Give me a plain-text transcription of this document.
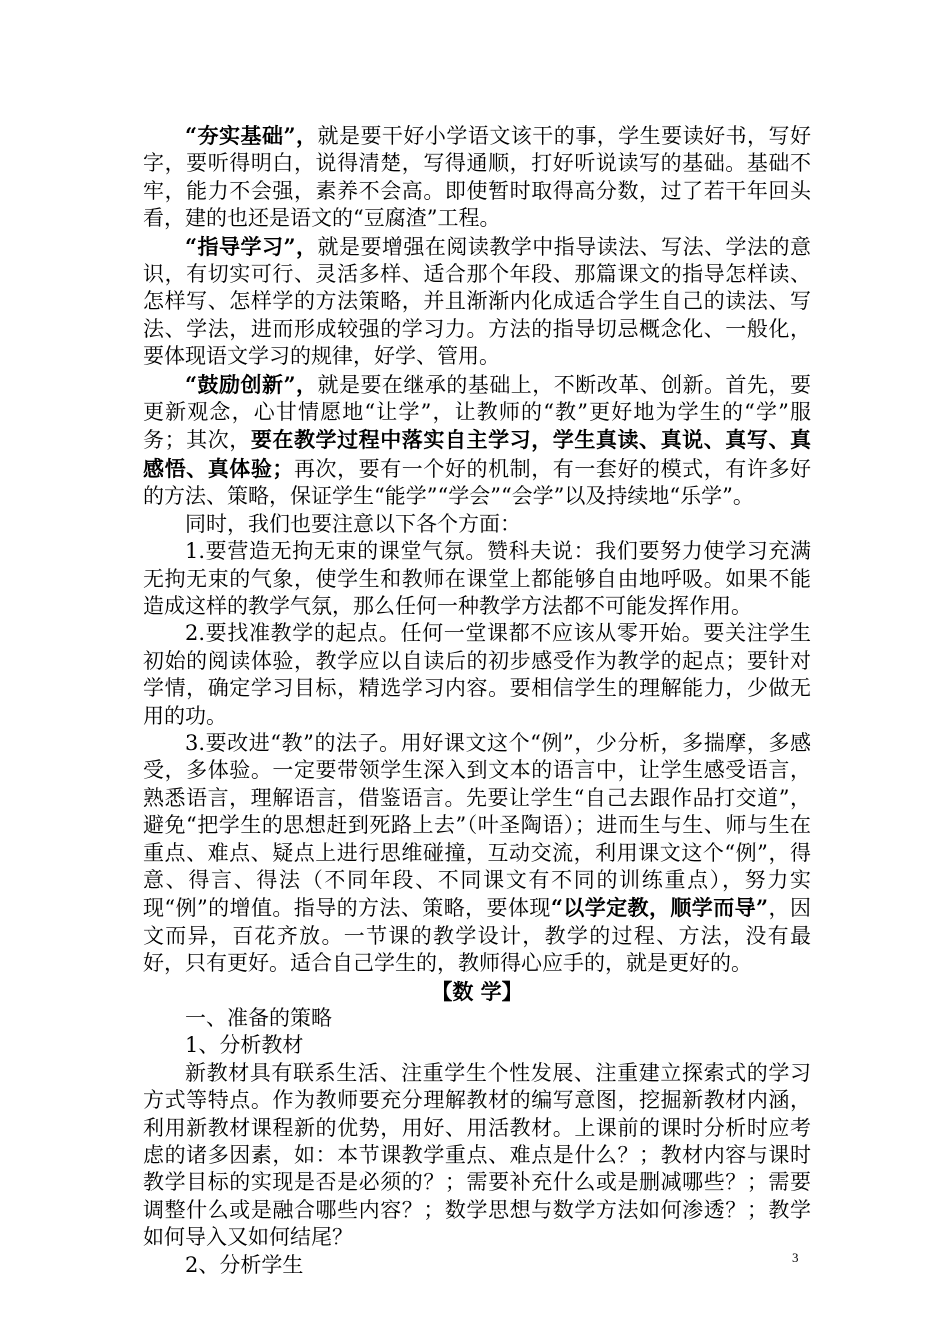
“夯实基础”，就是要干好小学语文该干的事，学生要读好书，写好字，要听得明白，说得清楚，写得通顺，打好听说读写的基础。基础不牢，能力不会强，素养不会高。即使暂时取得高分数，过了若干年回头看，建的也还是语文的“豆腐渣”工程。

“指导学习”，就是要增强在阅读教学中指导读法、写法、学法的意识，有切实可行、灵活多样、适合那个年段、那篇课文的指导怎样读、怎样写、怎样学的方法策略，并且渐渐内化成适合学生自己的读法、写法、学法，进而形成较强的学习力。方法的指导切忌概念化、一般化，要体现语文学习的规律，好学、管用。

“鼓励创新”，就是要在继承的基础上，不断改革、创新。首先，要更新观念，心甘情愿地“让学”，让教师的“教”更好地为学生的“学”服务；其次，要在教学过程中落实自主学习，学生真读、真说、真写、真感悟、真体验；再次，要有一个好的机制，有一套好的模式，有许多好的方法、策略，保证学生“能学”“学会”“会学”以及持续地“乐学”。

同时，我们也要注意以下各个方面：

1.要营造无拘无束的课堂气氛。赞科夫说：我们要努力使学习充满无拘无束的气象，使学生和教师在课堂上都能够自由地呼吸。如果不能造成这样的教学气氛，那么任何一种教学方法都不可能发挥作用。

2.要找准教学的起点。任何一堂课都不应该从零开始。要关注学生初始的阅读体验，教学应以自读后的初步感受作为教学的起点；要针对学情，确定学习目标，精选学习内容。要相信学生的理解能力，少做无用的功。

3.要改进“教”的法子。用好课文这个“例”，少分析，多揣摩，多感受，多体验。一定要带领学生深入到文本的语言中，让学生感受语言，熟悉语言，理解语言，借鉴语言。先要让学生“自己去跟作品打交道”，避免“把学生的思想赶到死路上去”（叶圣陶语）；进而生与生、师与生在重点、难点、疑点上进行思维碰撞，互动交流，利用课文这个“例”，得意、得言、得法（不同年段、不同课文有不同的训练重点），努力实现“例”的增值。指导的方法、策略，要体现“以学定教，顺学而导”，因文而异，百花齐放。一节课的教学设计，教学的过程、方法，没有最好，只有更好。适合自己学生的，教师得心应手的，就是更好的。

【数 学】

一、准备的策略

1、分析教材

新教材具有联系生活、注重学生个性发展、注重建立探索式的学习方式等特点。作为教师要充分理解教材的编写意图，挖掘新教材内涵，利用新教材课程新的优势，用好、用活教材。上课前的课时分析时应考虑的诸多因素，如：本节课教学重点、难点是什么？；教材内容与课时教学目标的实现是否是必须的？；需要补充什么或是删减哪些？；需要调整什么或是融合哪些内容？；数学思想与数学方法如何渗透？；教学如何导入又如何结尾？

2、分析学生	3
